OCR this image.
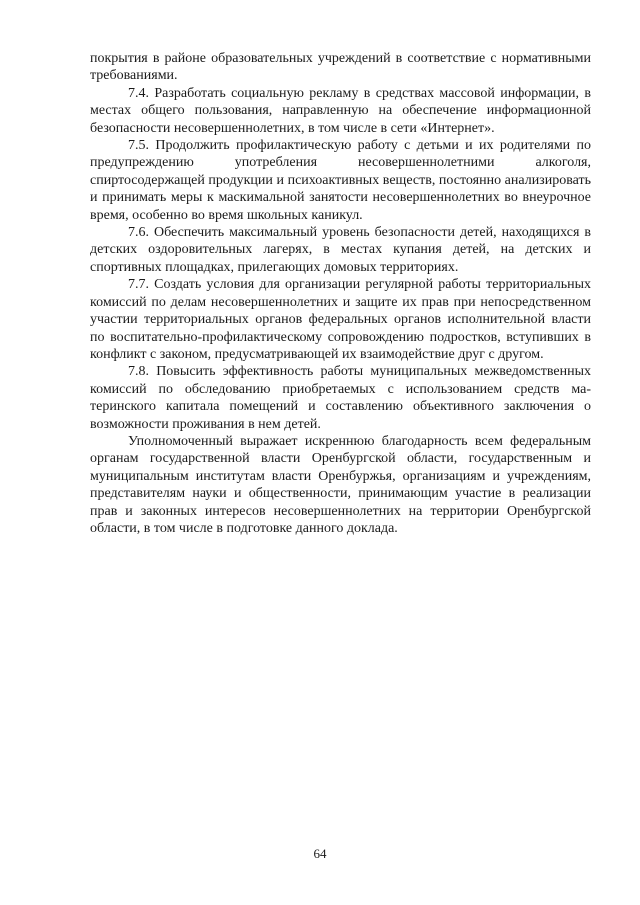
покрытия в районе образовательных учреждений в соответствие с нормативными требованиями.

7.4. Разработать социальную рекламу в средствах массовой информации, в местах общего пользования, направленную на обеспечение информационной безопасности несовершеннолетних, в том числе в сети «Интернет».

7.5. Продолжить профилактическую работу с детьми и их родителями по предупреждению употребления несовершеннолетними алкоголя, спиртосодержащей продукции и психоактивных веществ, постоянно анализировать и принимать меры к маскимальной занятости несовершеннолетних во внеурочное время, особенно во время школьных каникул.

7.6. Обеспечить максимальный уровень безопасности детей, находящихся в детских оздоровительных лагерях, в местах купания детей, на детских и спортивных площадках, прилегающих домовых территориях.

7.7. Создать условия для организации регулярной работы территориальных комиссий по делам несовершеннолетних и защите их прав при непосредственном участии территориальных органов федеральных органов исполнительной власти по воспитательно-профилактическому сопровождению подростков, вступивших в конфликт с законом, предусматривающей их взаимодействие друг с другом.

7.8. Повысить эффективность работы муниципальных межведомственных комиссий по обследованию приобретаемых с использованием средств материнского капитала помещений и составлению объективного заключения о возможности проживания в нем детей.

Уполномоченный выражает искреннюю благодарность всем федеральным органам государственной власти Оренбургской области, государственным и муниципальным институтам власти Оренбуржья, организациям и учреждениям, представителям науки и общественности, принимающим участие в реализации прав и законных интересов несовершеннолетних на территории Оренбургской области, в том числе в подготовке данного доклада.

64
